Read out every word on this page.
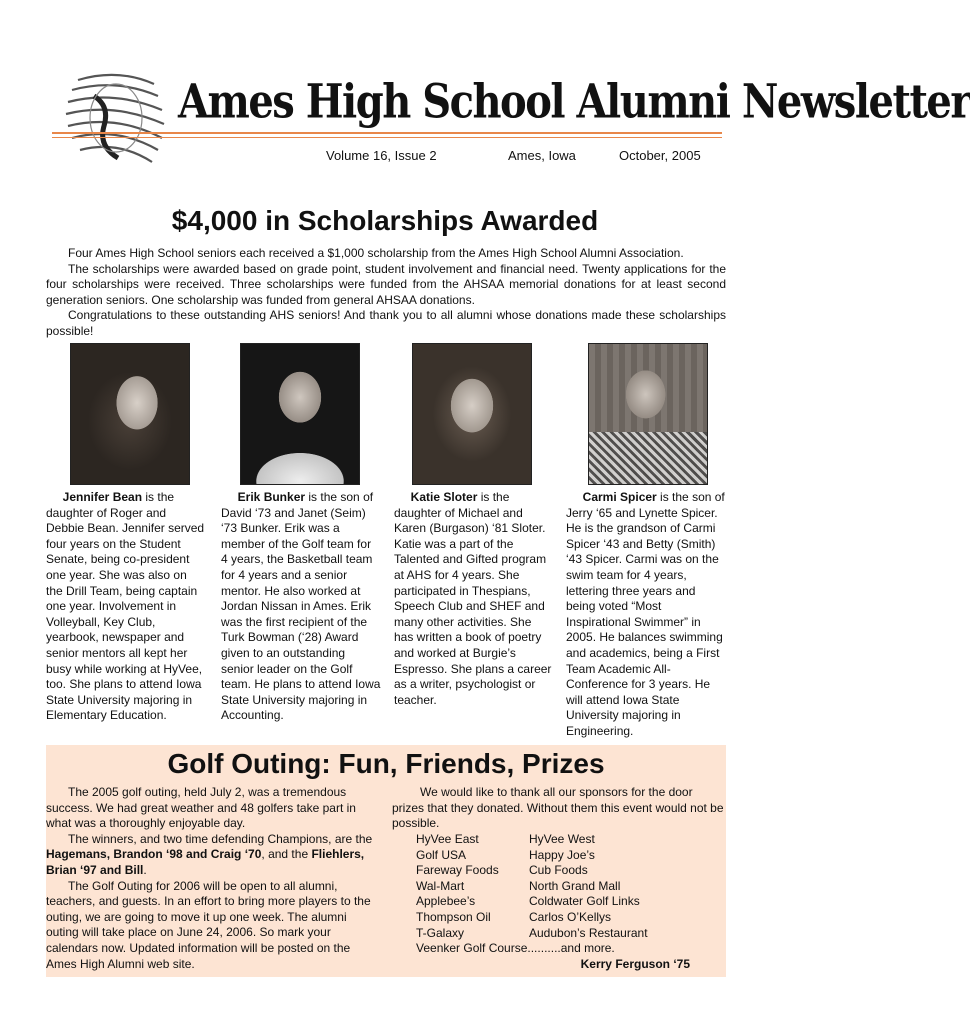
Ames High School Alumni Newsletter
Volume 16, Issue 2	Ames, Iowa	October, 2005
$4,000 in Scholarships Awarded

Four Ames High School seniors each received a $1,000 scholarship from the Ames High School Alumni Association.

The scholarships were awarded based on grade point, student involvement and financial need. Twenty applications for the four scholarships were received. Three scholarships were funded from the AHSAA memorial donations for at least second generation seniors. One scholarship was funded from general AHSAA donations.

Congratulations to these outstanding AHS seniors! And thank you to all alumni whose donations made these scholarships possible!

Jennifer Bean is the daughter of Roger and Debbie Bean. Jennifer served four years on the Student Senate, being co-president one year. She was also on the Drill Team, being captain one year. Involvement in Volleyball, Key Club, yearbook, newspaper and senior mentors all kept her busy while working at HyVee, too. She plans to attend Iowa State University majoring in Elementary Education.
Erik Bunker is the son of David ‘73 and Janet (Seim) ‘73 Bunker. Erik was a member of the Golf team for 4 years, the Basketball team for 4 years and a senior mentor. He also worked at Jordan Nissan in Ames. Erik was the first recipient of the Turk Bowman (‘28) Award given to an outstanding senior leader on the Golf team. He plans to attend Iowa State University majoring in Accounting.
Katie Sloter is the daughter of Michael and Karen (Burgason) ‘81 Sloter. Katie was a part of the Talented and Gifted program at AHS for 4 years. She participated in Thespians, Speech Club and SHEF and many other activities. She has written a book of poetry and worked at Burgie’s Espresso. She plans a career as a writer, psychologist or teacher.
Carmi Spicer is the son of Jerry ‘65 and Lynette Spicer. He is the grandson of Carmi Spicer ‘43 and Betty (Smith) ‘43 Spicer. Carmi was on the swim team for 4 years, lettering three years and being voted “Most Inspirational Swimmer” in 2005. He balances swimming and academics, being a First Team Academic All-Conference for 3 years. He will attend Iowa State University majoring in Engineering.
Golf Outing: Fun, Friends, Prizes

The 2005 golf outing, held July 2, was a tremendous success. We had great weather and 48 golfers take part in what was a thoroughly enjoyable day.

The winners, and two time defending Champions, are the Hagemans, Brandon ‘98 and Craig ‘70, and the Fliehlers, Brian ‘97 and Bill.

The Golf Outing for 2006 will be open to all alumni, teachers, and guests. In an effort to bring more players to the outing, we are going to move it up one week. The alumni outing will take place on June 24, 2006. So mark your calendars now. Updated information will be posted on the Ames High Alumni web site.

We would like to thank all our sponsors for the door prizes that they donated. Without them this event would not be possible.

HyVee East	HyVee West
Golf USA	Happy Joe’s
Fareway Foods	Cub Foods
Wal-Mart	North Grand Mall
Applebee’s	Coldwater Golf Links
Thompson Oil	Carlos O’Kellys
T-Galaxy	Audubon’s Restaurant
Veenker Golf Course..........and more.
Kerry Ferguson ‘75
